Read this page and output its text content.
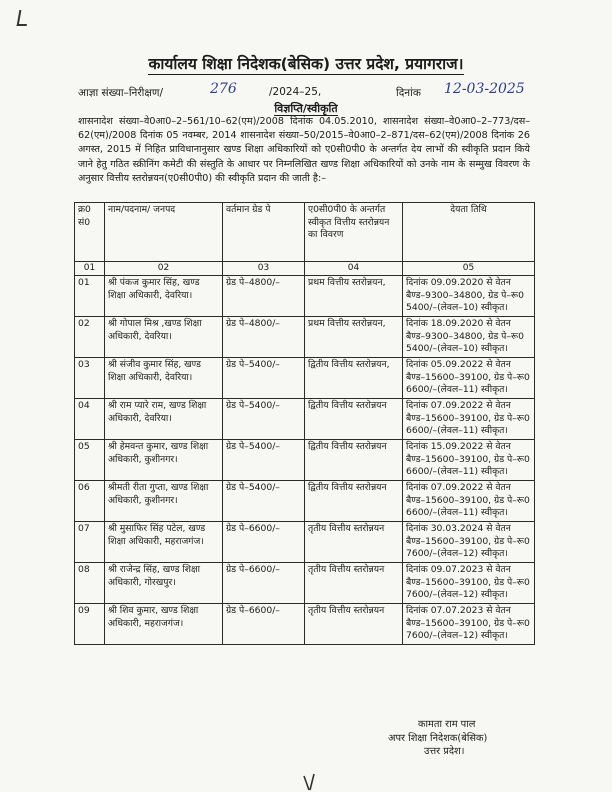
कार्यालय शिक्षा निदेशक(बेसिक) उत्तर प्रदेश, प्रयागराज।
आज्ञा संख्या–निरीक्षण/	276	/2024–25,	दिनांक 12-03-2025
विज्ञप्ति/स्वीकृति
शासनादेश संख्या–वे0आ0–2–561/10–62(एम)/2008 दिनांक 04.05.2010, शासनादेश संख्या–वे0आ0–2–773/दस–62(एम)/2008 दिनांक 05 नवम्बर, 2014 शासनादेश संख्या–50/2015–वे0आ0–2–871/दस–62(एम)/2008 दिनांक 26 अगस्त, 2015 में निहित प्राविधानानुसार खण्ड शिक्षा अधिकारियों को ए0सी0पी0 के अन्तर्गत देय लाभों की स्वीकृति प्रदान किये जाने हेतु गठित स्क्रीनिंग कमेटी की संस्तुति के आधार पर निम्नलिखित खण्ड शिक्षा अधिकारियों को उनके नाम के सम्मुख विवरण के अनुसार वित्तीय स्तरोन्नयन(ए0सी0पी0) की स्वीकृति प्रदान की जाती है:–
क्र0 सं0	नाम/पदनाम/ जनपद	वर्तमान ग्रेड पे	ए0सी0पी0 के अन्तर्गत स्वीकृत वित्तीय स्तरोन्नयन का विवरण	देयता तिथि
01	02	03	04	05
01	श्री पंकज कुमार सिंह, खण्ड शिक्षा अधिकारी, देवरिया।	ग्रेड पे–4800/–	प्रथम वित्तीय स्तरोन्नयन,	दिनांक 09.09.2020 से वेतन बैण्ड–9300–34800, ग्रेड पे–रू0 5400/–(लेवल–10) स्वीकृत।
02	श्री गोपाल मिश्र ,खण्ड शिक्षा अधिकारी, देवरिया।	ग्रेड पे–4800/–	प्रथम वित्तीय स्तरोन्नयन,	दिनांक 18.09.2020 से वेतन बैण्ड–9300–34800, ग्रेड पे–रू0 5400/–(लेवल–10) स्वीकृत।
03	श्री संजीव कुमार सिंह, खण्ड शिक्षा अधिकारी, देवरिया।	ग्रेड पे–5400/–	द्वितीय वित्तीय स्तरोन्नयन,	दिनांक 05.09.2022 से वेतन बैण्ड–15600–39100, ग्रेड पे–रू0 6600/–(लेवल–11) स्वीकृत।
04	श्री राम प्यारे राम, खण्ड शिक्षा अधिकारी, देवरिया।	ग्रेड पे–5400/–	द्वितीय वित्तीय स्तरोन्नयन	दिनांक 07.09.2022 से वेतन बैण्ड–15600–39100, ग्रेड पे–रू0 6600/–(लेवल–11) स्वीकृत।
05	श्री हेमवन्त कुमार, खण्ड शिक्षा अधिकारी, कुशीनगर।	ग्रेड पे–5400/–	द्वितीय वित्तीय स्तरोन्नयन	दिनांक 15.09.2022 से वेतन बैण्ड–15600–39100, ग्रेड पे–रू0 6600/–(लेवल–11) स्वीकृत।
06	श्रीमती रीता गुप्ता, खण्ड शिक्षा अधिकारी, कुशीनगर।	ग्रेड पे–5400/–	द्वितीय वित्तीय स्तरोन्नयन	दिनांक 07.09.2022 से वेतन बैण्ड–15600–39100, ग्रेड पे–रू0 6600/–(लेवल–11) स्वीकृत।
07	श्री मुसाफिर सिंह पटेल, खण्ड शिक्षा अधिकारी, महराजगंज।	ग्रेड पे–6600/–	तृतीय वित्तीय स्तरोन्नयन	दिनांक 30.03.2024 से वेतन बैण्ड–15600–39100, ग्रेड पे–रू0 7600/–(लेवल–12) स्वीकृत।
08	श्री राजेन्द्र सिंह, खण्ड शिक्षा अधिकारी, गोरखपुर।	ग्रेड पे–6600/–	तृतीय वित्तीय स्तरोन्नयन	दिनांक 09.07.2023 से वेतन बैण्ड–15600–39100, ग्रेड पे–रू0 7600/–(लेवल–12) स्वीकृत।
09	श्री शिव कुमार, खण्ड शिक्षा अधिकारी, महराजगंज।	ग्रेड पे–6600/–	तृतीय वित्तीय स्तरोन्नयन	दिनांक 07.07.2023 से वेतन बैण्ड–15600–39100, ग्रेड पे–रू0 7600/–(लेवल–12) स्वीकृत।
कामता राम पाल
अपर शिक्षा निदेशक(बेसिक)
उत्तर प्रदेश।
